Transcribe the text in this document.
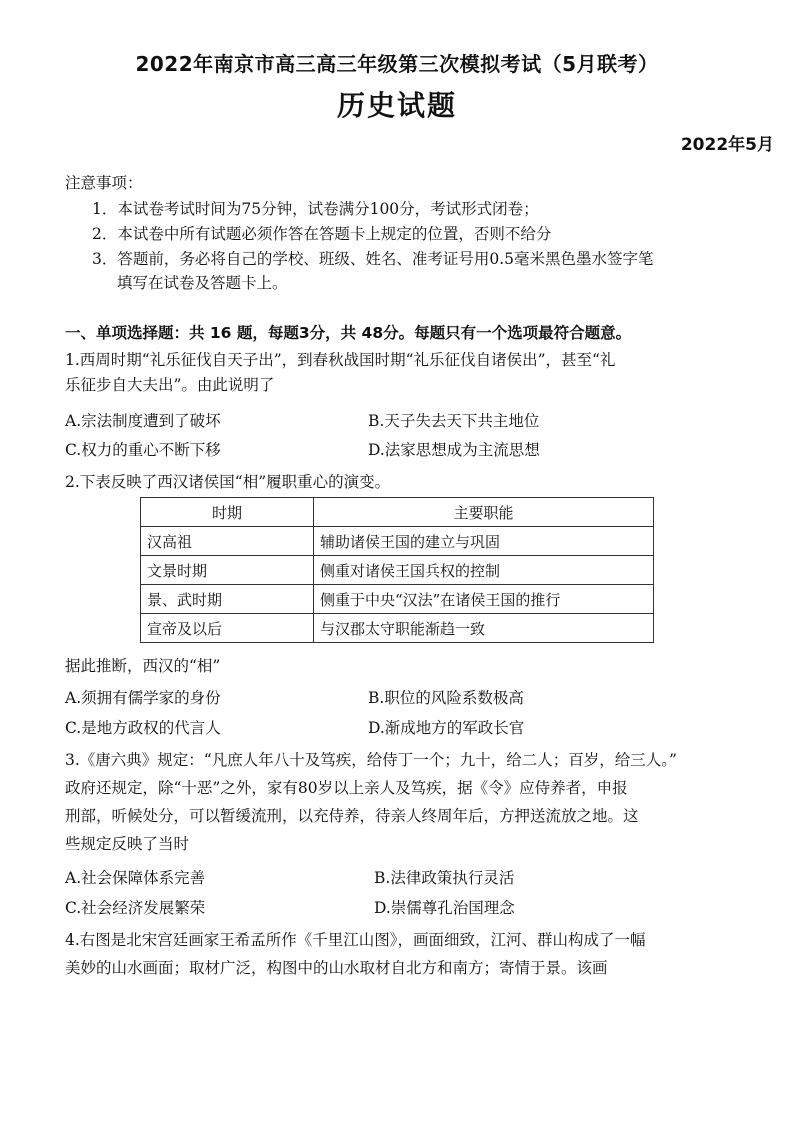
2022年南京市高三高三年级第三次模拟考试（5月联考）
历史试题
2022年5月
注意事项：
1．本试卷考试时间为75分钟，试卷满分100分，考试形式闭卷；
2．本试卷中所有试题必须作答在答题卡上规定的位置，否则不给分
3．答题前，务必将自己的学校、班级、姓名、准考证号用0.5毫米黑色墨水签字笔
填写在试卷及答题卡上。
一、单项选择题：共 16 题，每题3分，共 48分。每题只有一个选项最符合题意。
1.西周时期“礼乐征伐自天子出”，到春秋战国时期“礼乐征伐自诸侯出”，甚至“礼
乐征步自大夫出”。由此说明了
A.宗法制度遭到了破坏	B.天子失去天下共主地位
C.权力的重心不断下移	D.法家思想成为主流思想
2.下表反映了西汉诸侯国“相”履职重心的演变。
时期	主要职能
汉高祖	辅助诸侯王国的建立与巩固
文景时期	侧重对诸侯王国兵权的控制
景、武时期	侧重于中央“汉法”在诸侯王国的推行
宣帝及以后	与汉郡太守职能渐趋一致
据此推断，西汉的“相”
A.须拥有儒学家的身份	B.职位的风险系数极高
C.是地方政权的代言人	D.渐成地方的军政长官
3.《唐六典》规定：“凡庶人年八十及笃疾，给侍丁一个；九十，给二人；百岁，给三人。”
政府还规定，除“十恶”之外，家有80岁以上亲人及笃疾，据《令》应侍养者，申报
刑部，听候处分，可以暂缓流刑，以充侍养，待亲人终周年后，方押送流放之地。这
些规定反映了当时
A.社会保障体系完善	B.法律政策执行灵活
C.社会经济发展繁荣	D.崇儒尊孔治国理念
4.右图是北宋宫廷画家王希孟所作《千里江山图》，画面细致，江河、群山构成了一幅
美妙的山水画面；取材广泛，构图中的山水取材自北方和南方；寄情于景。该画
